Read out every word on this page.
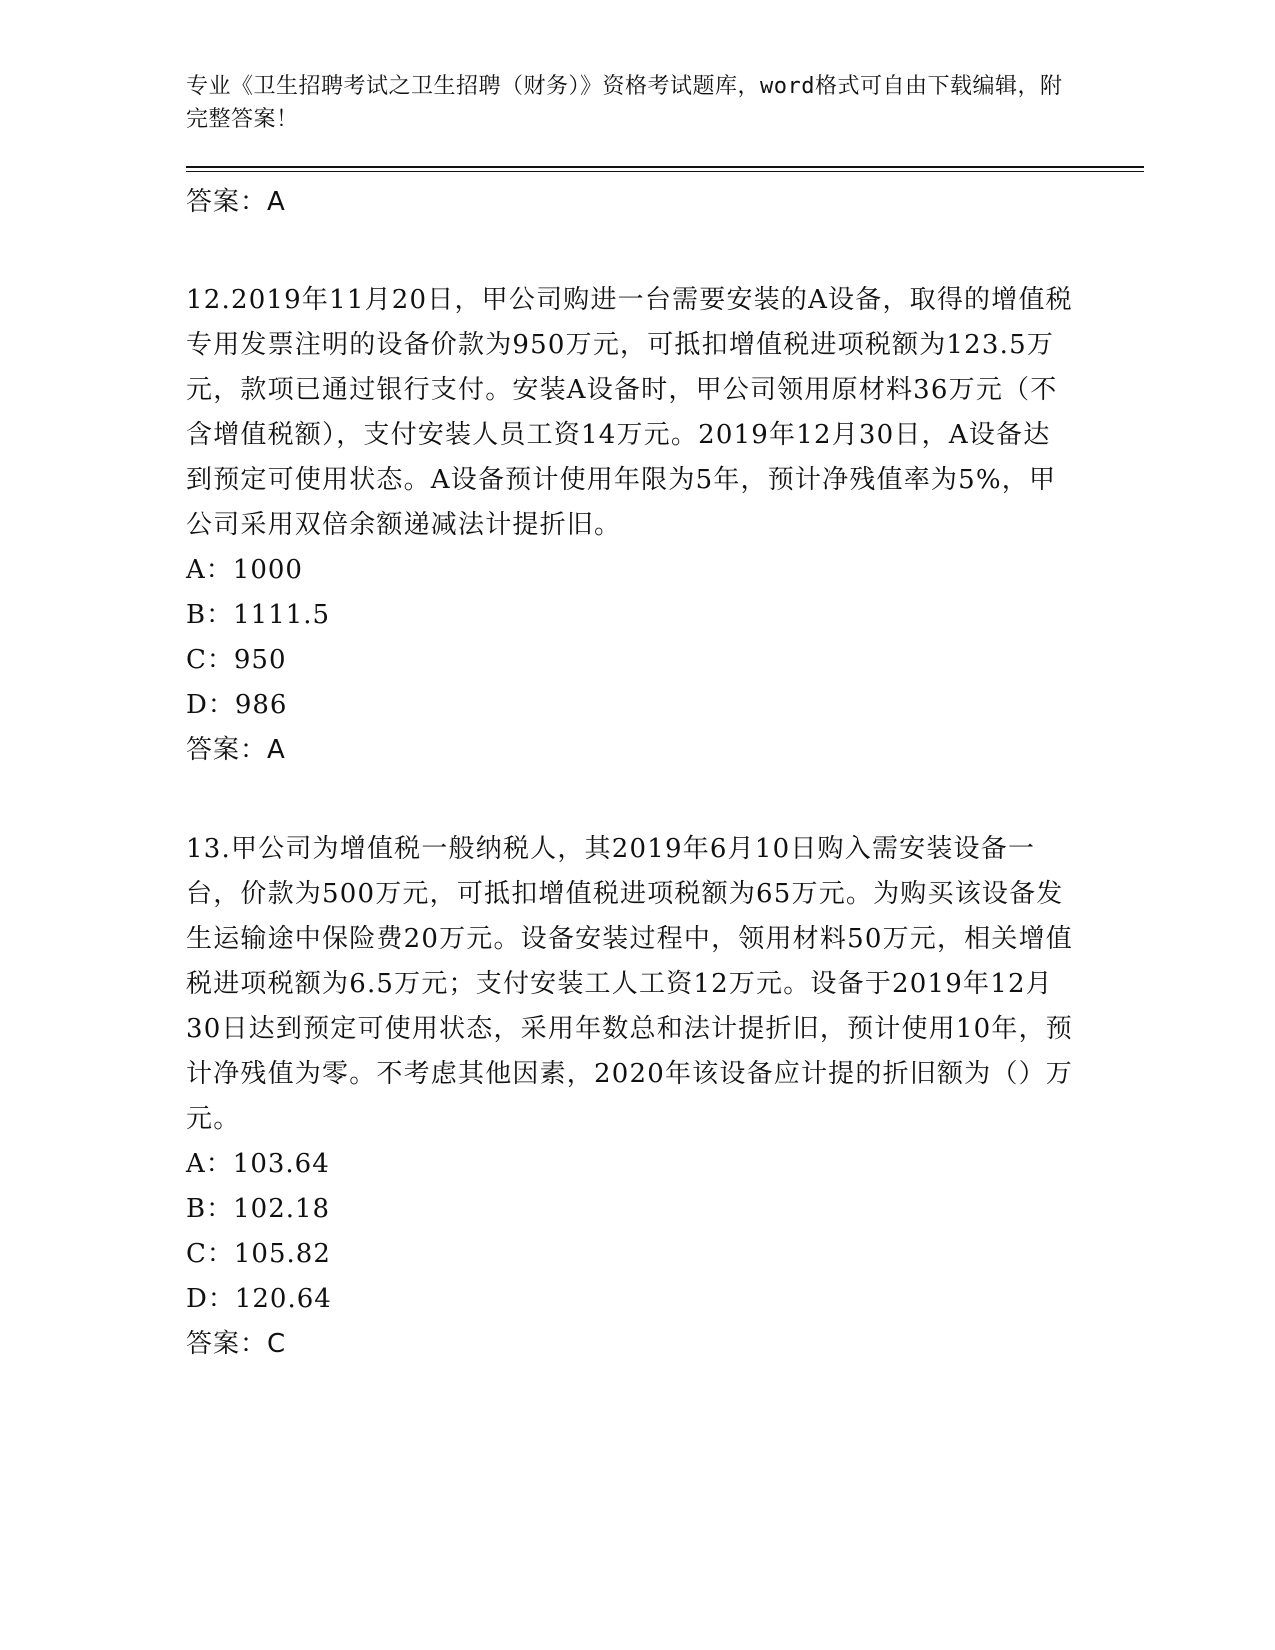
专业《卫生招聘考试之卫生招聘（财务）》资格考试题库，word格式可自由下载编辑，附完整答案！
答案：A
12.2019年11月20日，甲公司购进一台需要安装的A设备，取得的增值税专用发票注明的设备价款为950万元，可抵扣增值税进项税额为123.5万元，款项已通过银行支付。安装A设备时，甲公司领用原材料36万元（不含增值税额），支付安装人员工资14万元。2019年12月30日，A设备达到预定可使用状态。A设备预计使用年限为5年，预计净残值率为5%，甲公司采用双倍余额递减法计提折旧。
A：1000
B：1111.5
C：950
D：986
答案：A
13.甲公司为增值税一般纳税人，其2019年6月10日购入需安装设备一台，价款为500万元，可抵扣增值税进项税额为65万元。为购买该设备发生运输途中保险费20万元。设备安装过程中，领用材料50万元，相关增值税进项税额为6.5万元；支付安装工人工资12万元。设备于2019年12月30日达到预定可使用状态，采用年数总和法计提折旧，预计使用10年，预计净残值为零。不考虑其他因素，2020年该设备应计提的折旧额为（）万元。
A：103.64
B：102.18
C：105.82
D：120.64
答案：C
